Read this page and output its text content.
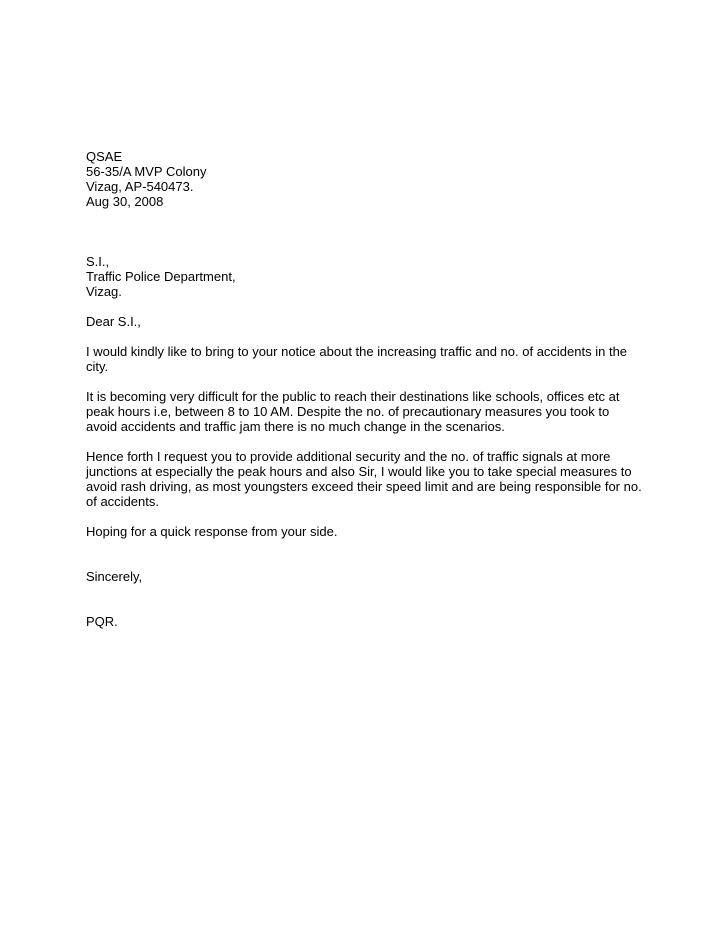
QSAE
56-35/A MVP Colony
Vizag, AP-540473.
Aug 30, 2008
S.I.,
Traffic Police Department,
Vizag.
Dear S.I.,

I would kindly like to bring to your notice about the increasing traffic and no. of accidents in the city.

It is becoming very difficult for the public to reach their destinations like schools, offices etc at peak hours i.e, between 8 to 10 AM. Despite the no. of precautionary measures you took to avoid accidents and traffic jam there is no much change in the scenarios.

Hence forth I request you to provide additional security and the no. of traffic signals at more junctions at especially the peak hours and also Sir, I would like you to take special measures to avoid rash driving, as most youngsters exceed their speed limit and are being responsible for no. of accidents.

Hoping for a quick response from your side.

Sincerely,
PQR.
